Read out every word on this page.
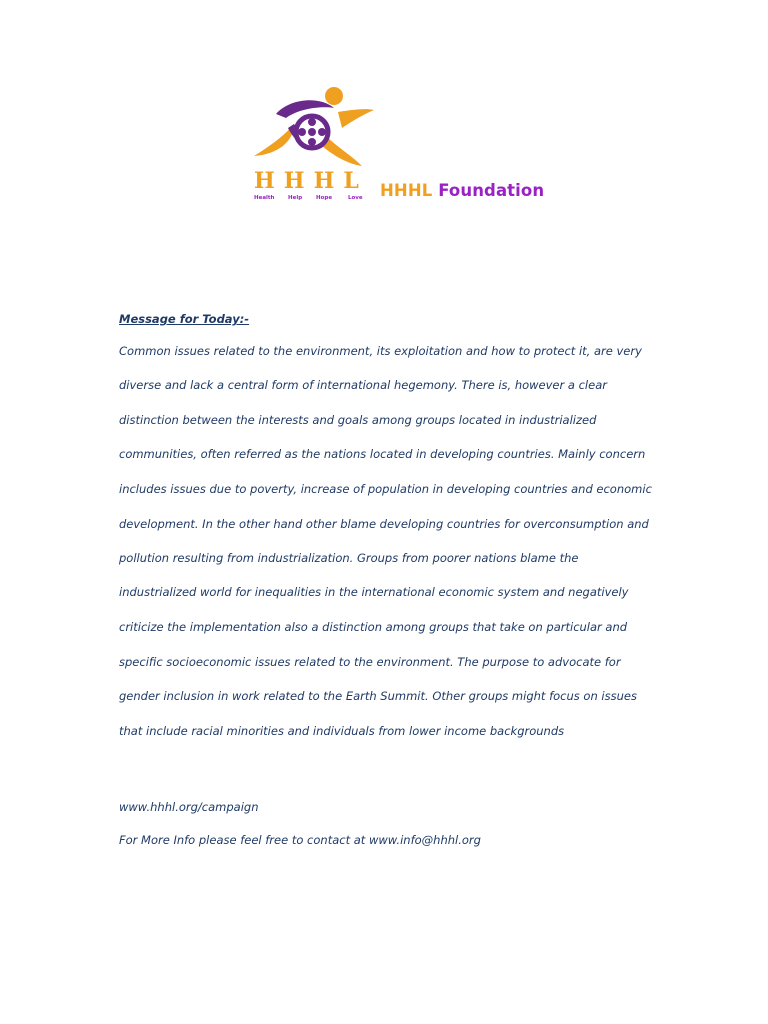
HHHL
Health Help	Hope	Love HHHL Foundation
Message for Today:-
Common issues related to the environment, its exploitation and how to protect it, are very
diverse and lack a central form of international hegemony. There is, however a clear
distinction between the interests and goals among groups located in industrialized
communities, often referred as the nations located in developing countries. Mainly concern
includes issues due to poverty, increase of population in developing countries and economic
development. In the other hand other blame developing countries for overconsumption and
pollution resulting from industrialization. Groups from poorer nations blame the
industrialized world for inequalities in the international economic system and negatively
criticize the implementation also a distinction among groups that take on particular and
specific socioeconomic issues related to the environment. The purpose to advocate for
gender inclusion in work related to the Earth Summit. Other groups might focus on issues
that include racial minorities and individuals from lower income backgrounds
www.hhhl.org/campaign
For More Info please feel free to contact at www.info@hhhl.org
